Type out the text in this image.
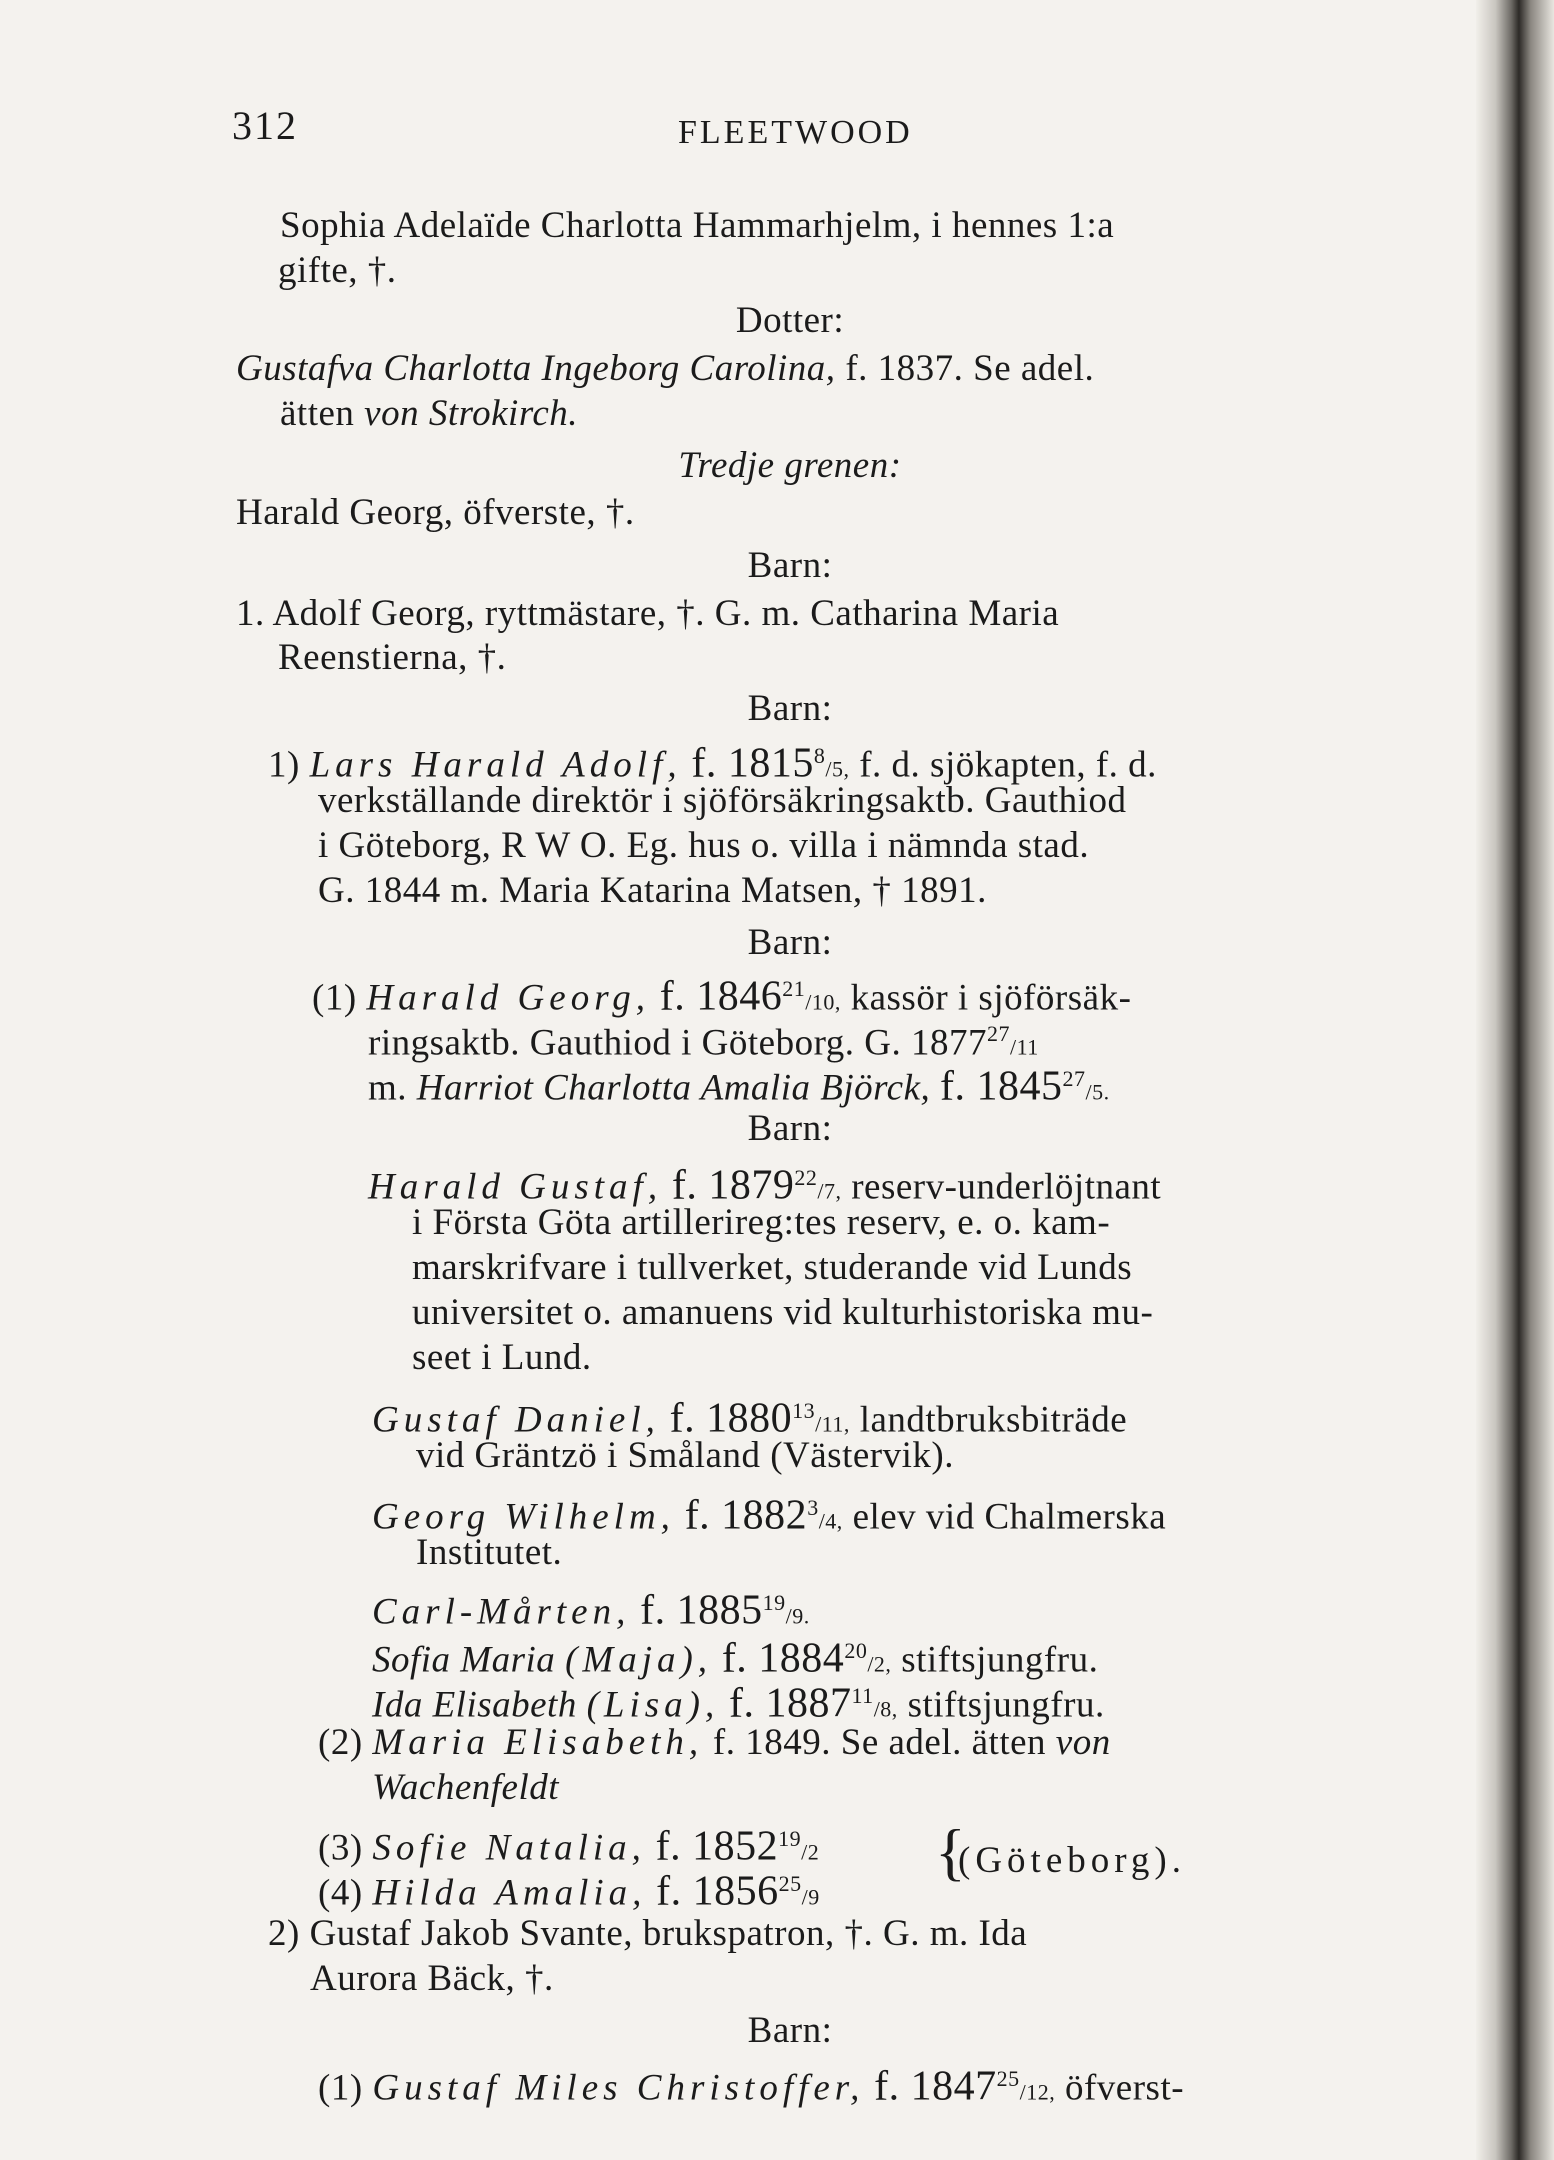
312	FLEETWOOD
Sophia Adelaïde Charlotta Hammarhjelm, i hennes 1:a
gifte, †.
Dotter:
Gustafva Charlotta Ingeborg Carolina, f. 1837. Se adel.
ätten von Strokirch.
Tredje grenen:
Harald Georg, öfverste, †.
Barn:
1. Adolf Georg, ryttmästare, †. G. m. Catharina Maria
Reenstierna, †.
Barn:
1) Lars Harald Adolf, f. 1815$^8$/5, f. d. sjökapten, f. d.
verkställande direktör i sjöförsäkringsaktb. Gauthiod
i Göteborg, R W O. Eg. hus o. villa i nämnda stad.
G. 1844 m. Maria Katarina Matsen, † 1891.
Barn:
(1) Harald Georg, f. 1846$^{21}$/10, kassör i sjöförsäk-
ringsaktb. Gauthiod i Göteborg. G. 1877$^{27}$/11
m. Harriot Charlotta Amalia Björck, f. 1845$^{27}$/5.
Barn:
Harald Gustaf, f. 1879$^{22}$/7, reserv-underlöjtnant
i Första Göta artillerireg:tes reserv, e. o. kam-
marskrifvare i tullverket, studerande vid Lunds
universitet o. amanuens vid kulturhistoriska mu-
seet i Lund.
Gustaf Daniel, f. 1880$^{13}$/11, landtbruksbiträde
vid Gräntzö i Småland (Västervik).
Georg Wilhelm, f. 1882$^3$/4, elev vid Chalmerska
Institutet.
Carl-Mårten, f. 1885$^{19}$/9.
Sofia Maria (Maja), f. 1884$^{20}$/2, stiftsjungfru.
Ida Elisabeth (Lisa), f. 1887$^{11}$/8, stiftsjungfru.
(2) Maria Elisabeth, f. 1849. Se adel. ätten von
Wachenfeldt
(3) Sofie Natalia, f. 1852$^{19}$/2
(4) Hilda Amalia, f. 1856$^{25}$/9
{
(Göteborg).
2) Gustaf Jakob Svante, brukspatron, †. G. m. Ida
Aurora Bäck, †.
Barn:
(1) Gustaf Miles Christoffer, f. 1847$^{25}$/12, öfverst-
